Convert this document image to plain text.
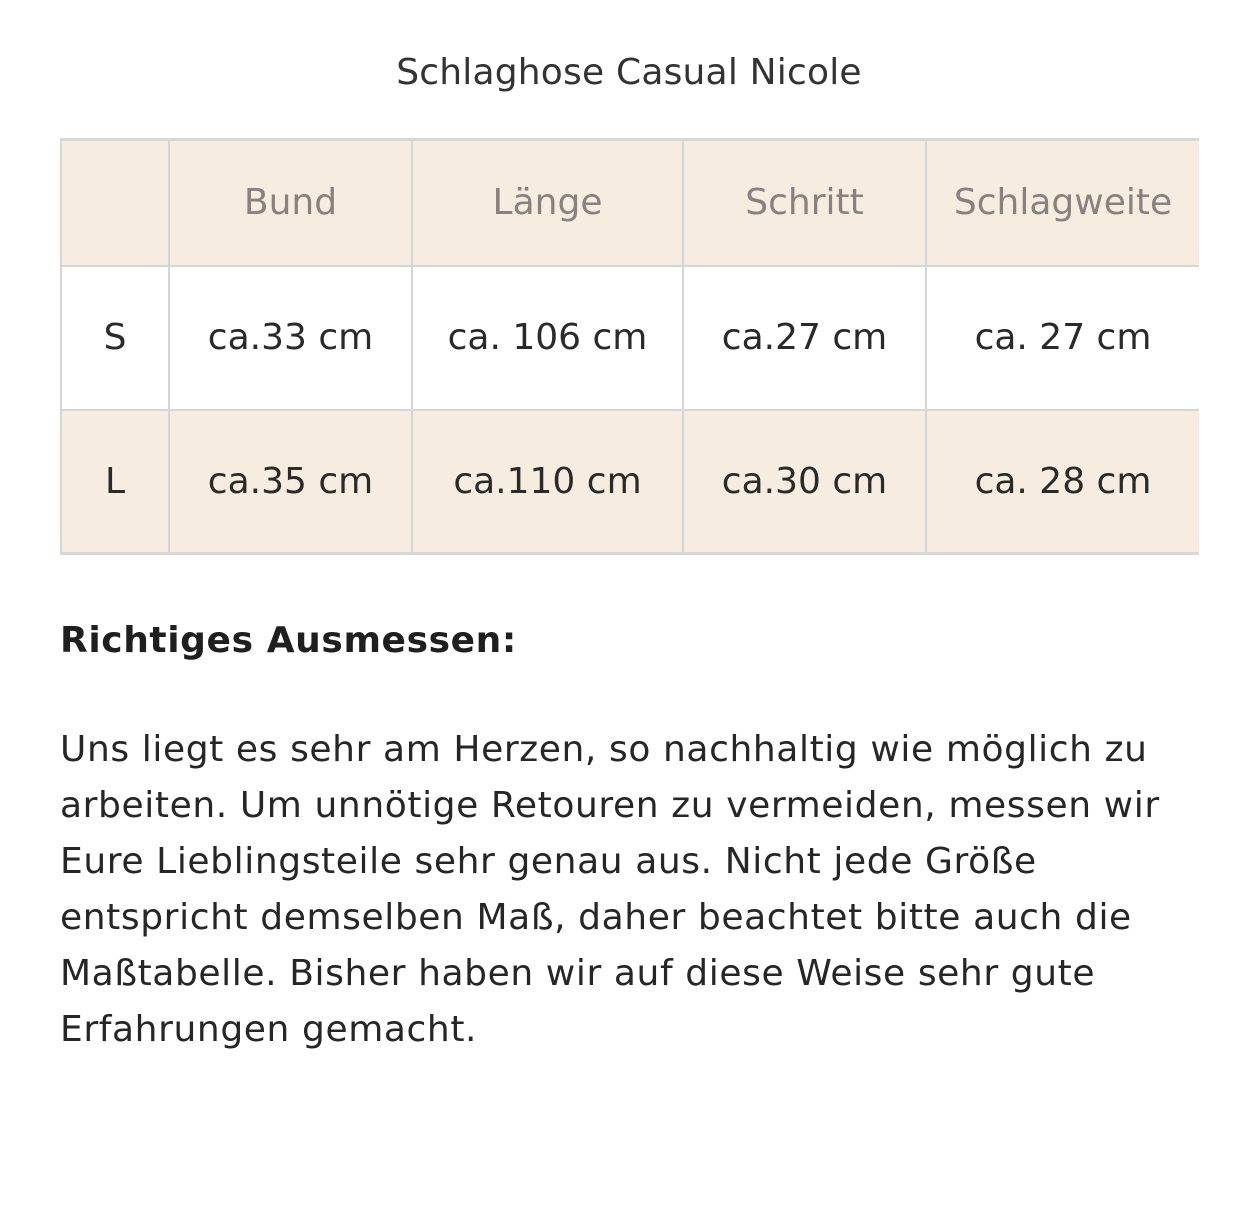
Schlaghose Casual Nicole
	Bund	Länge	Schritt	Schlagweite
S	ca.33 cm	ca. 106 cm	ca.27 cm	ca. 27 cm
L	ca.35 cm	ca.110 cm	ca.30 cm	ca. 28 cm
Richtiges Ausmessen:

Uns liegt es sehr am Herzen, so nachhaltig wie möglich zu arbeiten. Um unnötige Retouren zu vermeiden, messen wir Eure Lieblingsteile sehr genau aus. Nicht jede Größe entspricht demselben Maß, daher beachtet bitte auch die Maßtabelle. Bisher haben wir auf diese Weise sehr gute Erfahrungen gemacht.
